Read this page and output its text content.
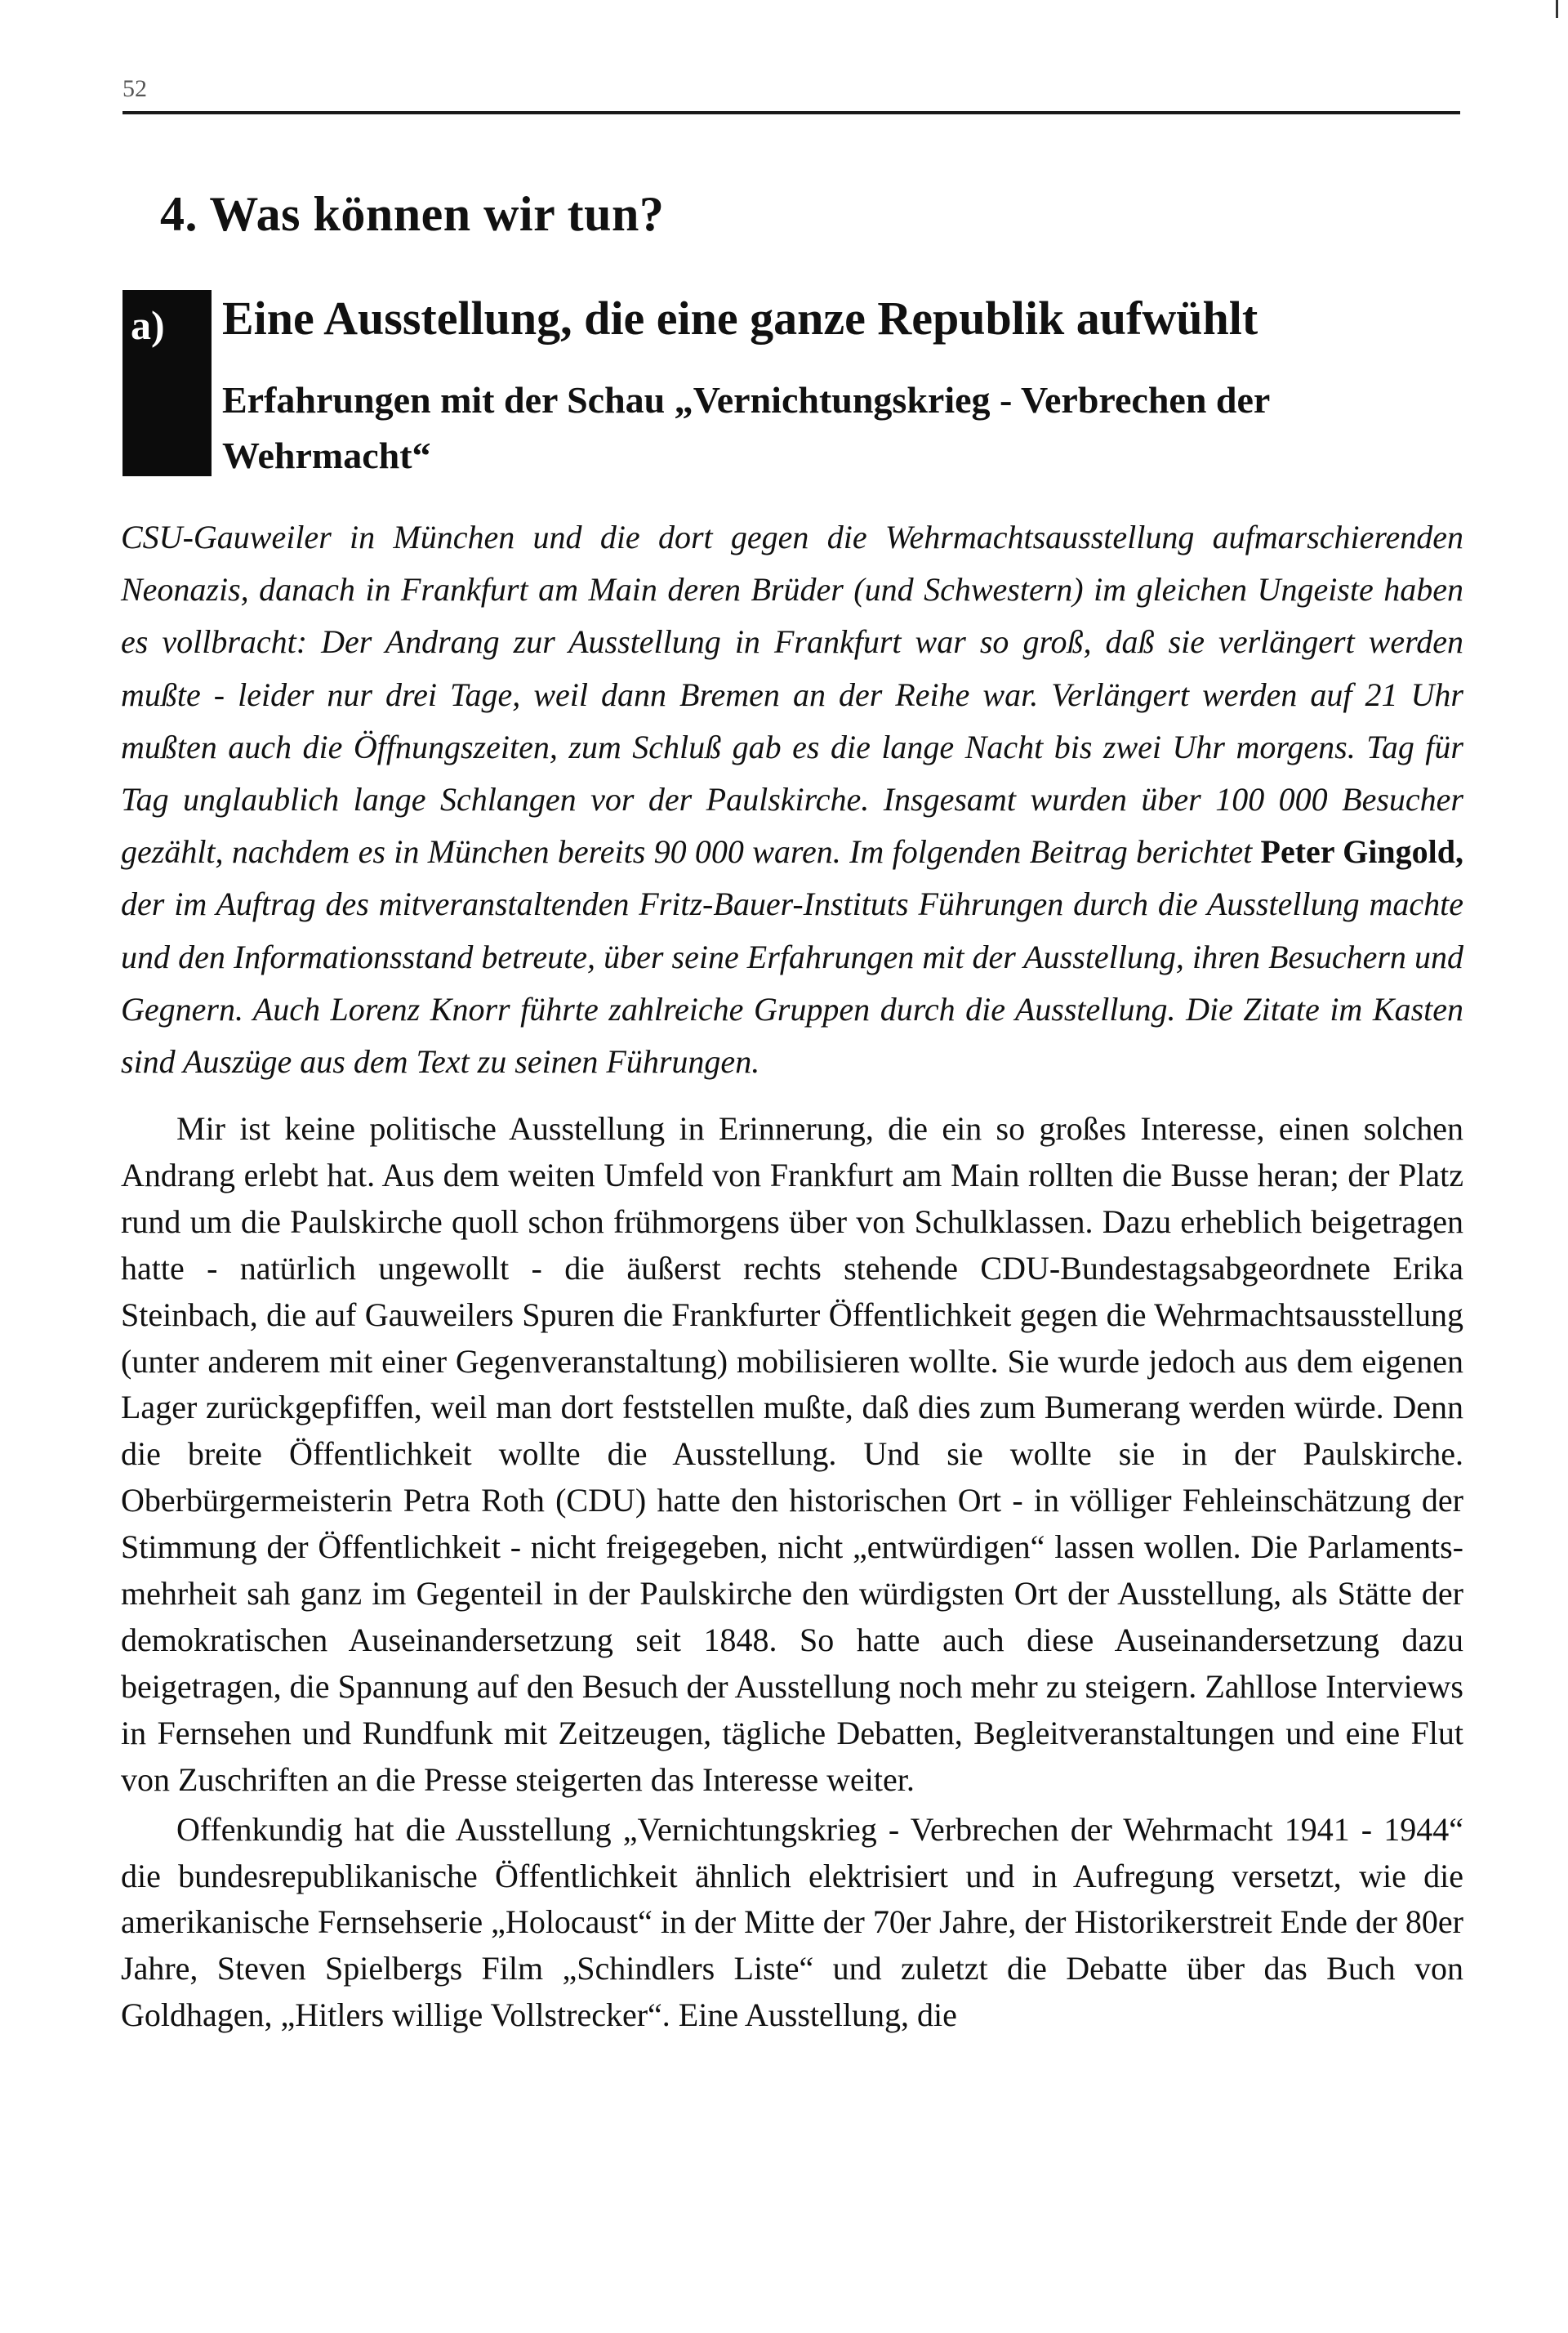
52
4. Was können wir tun?
a) Eine Ausstellung, die eine ganze Republik aufwühlt
Erfahrungen mit der Schau „Vernichtungskrieg - Verbrechen der Wehrmacht“

CSU-Gauweiler in München und die dort gegen die Wehrmachtsausstellung aufmarschierenden Neonazis, danach in Frankfurt am Main deren Brüder (und Schwestern) im gleichen Ungeiste haben es vollbracht: Der Andrang zur Ausstellung in Frankfurt war so groß, daß sie verlängert werden mußte - leider nur drei Tage, weil dann Bremen an der Reihe war. Verlängert werden auf 21 Uhr mußten auch die Öffnungszeiten, zum Schluß gab es die lange Nacht bis zwei Uhr morgens. Tag für Tag unglaublich lange Schlangen vor der Paulskirche. Insgesamt wurden über 100 000 Besucher gezählt, nachdem es in München bereits 90 000 waren. Im folgenden Beitrag berichtet Peter Gingold, der im Auftrag des mitveranstaltenden Fritz-Bauer-Instituts Führungen durch die Ausstellung machte und den Informationsstand betreute, über seine Erfahrungen mit der Ausstellung, ihren Besuchern und Gegnern. Auch Lorenz Knorr führte zahlreiche Gruppen durch die Ausstellung. Die Zitate im Kasten sind Auszüge aus dem Text zu seinen Führungen.

Mir ist keine politische Ausstellung in Erinnerung, die ein so großes Interesse, einen solchen Andrang erlebt hat. Aus dem weiten Umfeld von Frankfurt am Main rollten die Busse heran; der Platz rund um die Paulskirche quoll schon frühmorgens über von Schulklassen. Dazu erheblich beigetragen hatte - natürlich ungewollt - die äußerst rechts stehende CDU-Bundestagsabgeordnete Erika Steinbach, die auf Gauweilers Spuren die Frankfurter Öffentlichkeit gegen die Wehrmachtsausstellung (unter anderem mit einer Gegenveranstaltung) mobilisieren wollte. Sie wurde jedoch aus dem eigenen Lager zurückgepfiffen, weil man dort feststellen mußte, daß dies zum Bumerang werden würde. Denn die breite Öffentlichkeit wollte die Ausstellung. Und sie wollte sie in der Paulskirche. Oberbürgermeisterin Petra Roth (CDU) hatte den historischen Ort - in völliger Fehleinschätzung der Stimmung der Öffentlichkeit - nicht freigegeben, nicht „entwürdigen“ lassen wollen. Die Parlamentsmehrheit sah ganz im Gegenteil in der Paulskirche den würdigsten Ort der Ausstellung, als Stätte der demokratischen Auseinandersetzung seit 1848. So hatte auch diese Auseinandersetzung dazu beigetragen, die Spannung auf den Besuch der Ausstellung noch mehr zu steigern. Zahllose Interviews in Fernsehen und Rundfunk mit Zeitzeugen, tägliche Debatten, Begleitveranstaltungen und eine Flut von Zuschriften an die Presse steigerten das Interesse weiter.

Offenkundig hat die Ausstellung „Vernichtungskrieg - Verbrechen der Wehrmacht 1941 - 1944“ die bundesrepublikanische Öffentlichkeit ähnlich elektrisiert und in Aufregung versetzt, wie die amerikanische Fernsehserie „Holocaust“ in der Mitte der 70er Jahre, der Historikerstreit Ende der 80er Jahre, Steven Spielbergs Film „Schindlers Liste“ und zuletzt die Debatte über das Buch von Goldhagen, „Hitlers willige Vollstrecker“. Eine Ausstellung, die
